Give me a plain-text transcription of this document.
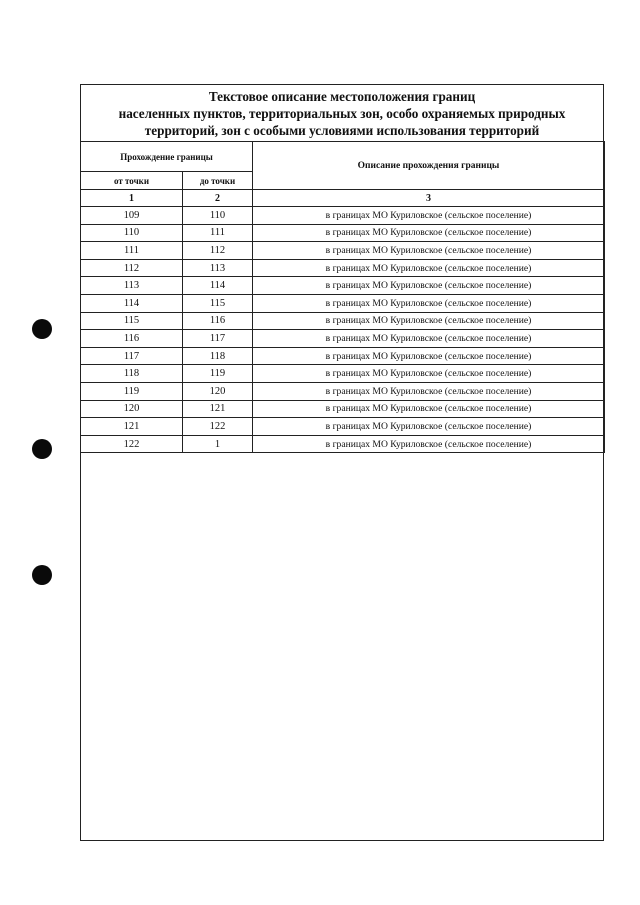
Текстовое описание местоположения границ
населенных пунктов, территориальных зон, особо охраняемых природных
территорий, зон с особыми условиями использования территорий
Прохождение границы		Описание прохождения границы
от точки	до точки	
1	2	3
109	110	в границах МО Куриловское (сельское поселение)
110	111	в границах МО Куриловское (сельское поселение)
111	112	в границах МО Куриловское (сельское поселение)
112	113	в границах МО Куриловское (сельское поселение)
113	114	в границах МО Куриловское (сельское поселение)
114	115	в границах МО Куриловское (сельское поселение)
115	116	в границах МО Куриловское (сельское поселение)
116	117	в границах МО Куриловское (сельское поселение)
117	118	в границах МО Куриловское (сельское поселение)
118	119	в границах МО Куриловское (сельское поселение)
119	120	в границах МО Куриловское (сельское поселение)
120	121	в границах МО Куриловское (сельское поселение)
121	122	в границах МО Куриловское (сельское поселение)
122	1	в границах МО Куриловское (сельское поселение)
